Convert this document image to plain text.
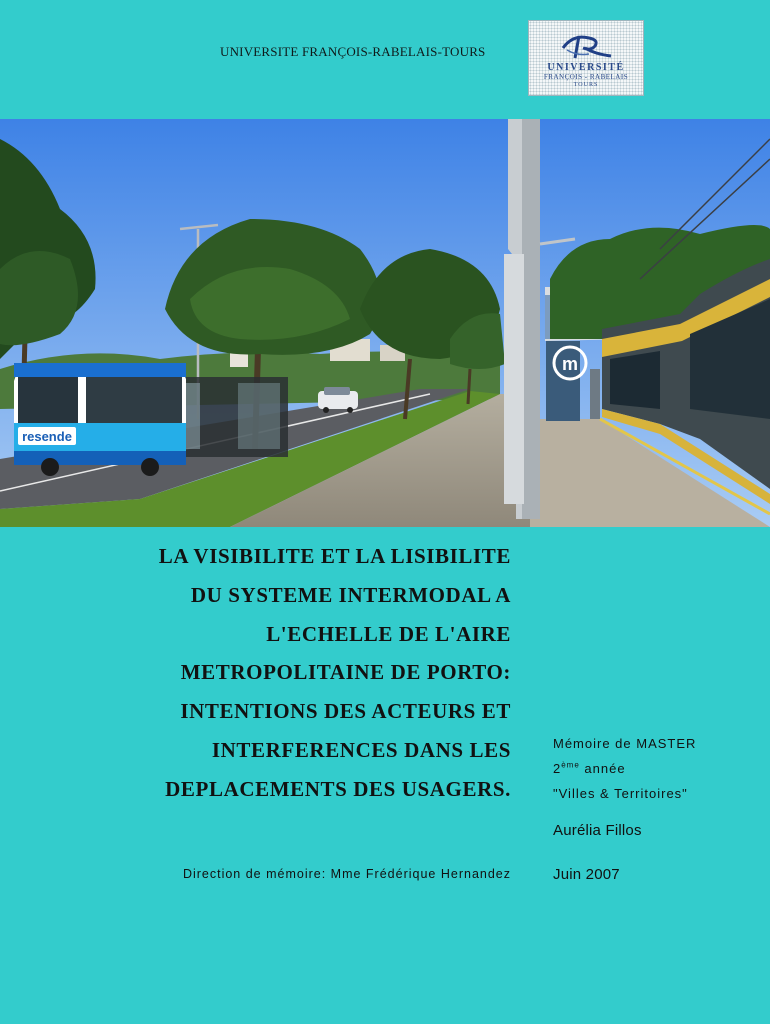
UNIVERSITE FRANÇOIS-RABELAIS-TOURS
UNIVERSITÉ
FRANÇOIS - RABELAIS
TOURS
resende
m
LA VISIBILITE ET LA LISIBILITE
DU SYSTEME INTERMODAL A
L'ECHELLE DE L'AIRE
METROPOLITAINE DE PORTO:
INTENTIONS DES ACTEURS ET
INTERFERENCES DANS LES
DEPLACEMENTS DES USAGERS.
Mémoire de MASTER
2ème année
"Villes & Territoires"
Aurélia Fillos
Juin 2007
Direction de mémoire: Mme Frédérique Hernandez
